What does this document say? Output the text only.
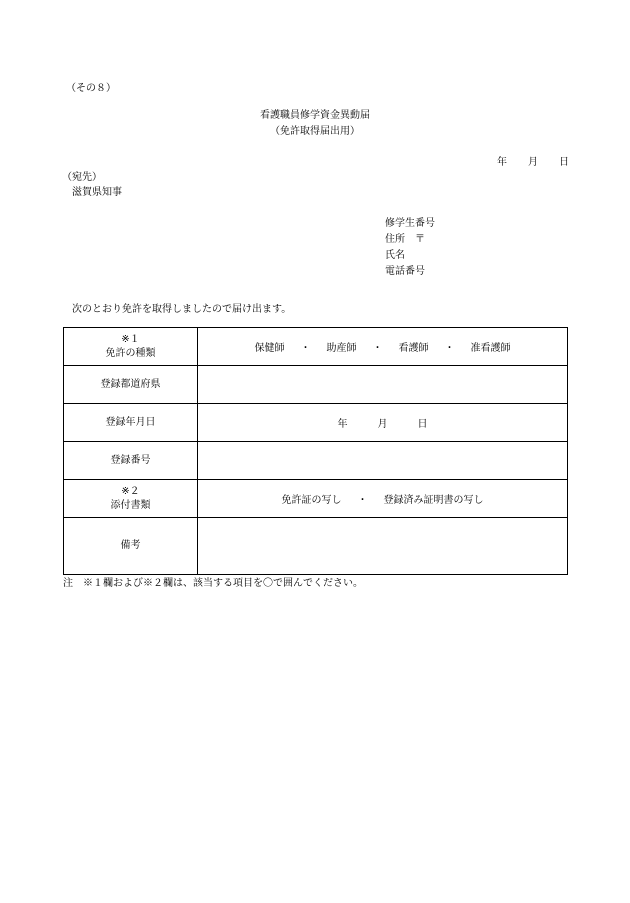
（その８）
看護職員修学資金異動届
（免許取得届出用）
年 月 日
（宛先）
滋賀県知事
修学生番号
住所　〒
氏名
電話番号
次のとおり免許を取得しましたので届け出ます。
※１
免許の種類	保健師 ・ 助産師 ・ 看護師 ・ 准看護師
登録都道府県	
登録年月日	年 月 日
登録番号	

※２
添付書類	免許証の写し ・ 登録済み証明書の写し
備考	
注　※１欄および※２欄は、該当する項目を〇で囲んでください。
